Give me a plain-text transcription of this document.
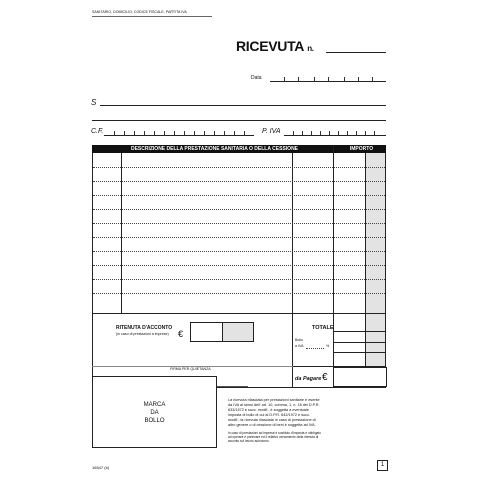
SANITARIO, DOMICILIO, CODICE FISCALE, PARTITA IVA
RICEVUTA n.
Data
S
C.F.	P. IVA
DESCRIZIONE DELLA PRESTAZIONE SANITARIA O DELLA CESSIONE	IMPORTO
RITENUTA D'ACCONTO
(in caso di prestazioni a imprese) €
TOTALE
Bollo
a IVA	%
FIRMA PER QUIETANZA
da Pagare €
MARCA
DA
BOLLO
La ricevuta rilasciata per prestazioni sanitarie è esente
da IVA ai sensi dell' art. 10, comma, 1, n. 18 del D.P.R.
633/1972 e succ. modif., è soggetta a eventuale
imposta di bollo di cui al D.P.R. 642/1972 e succ.
modif.; la ricevuta rilasciata in caso di prestazione di
altro genere o di cessione di beni è soggetta ad IVA.
In caso di prestazioni ad imprese è sostituto d'imposta e obbligato
ad operare e prelevare ed il relativo versamento della ritenuta di
acconto sul lavoro autonomo.
16547 (b)	1
